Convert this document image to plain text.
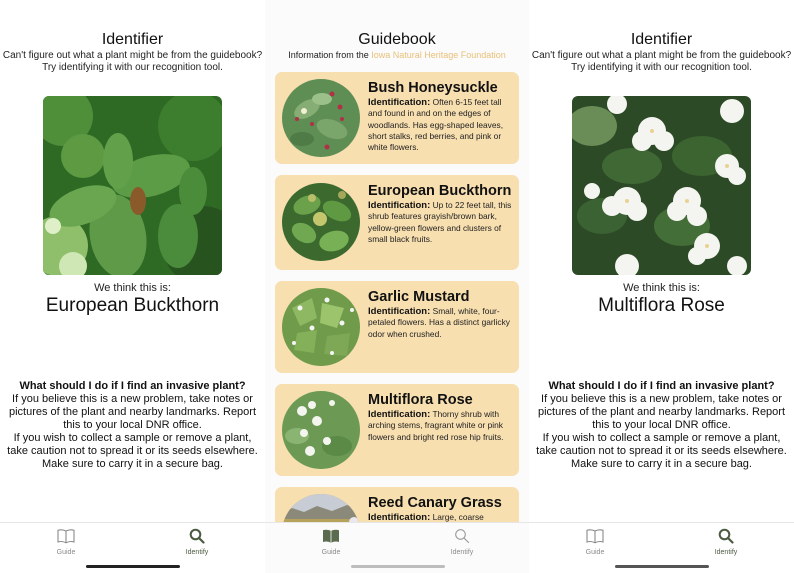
Identifier
Can't figure out what a plant might be from the guidebook? Try identifying it with our recognition tool.
We think this is:
European Buckthorn
What should I do if I find an invasive plant?
If you believe this is a new problem, take notes or pictures of the plant and nearby landmarks. Report this to your local DNR office.
If you wish to collect a sample or remove a plant, take caution not to spread it or its seeds elsewhere. Make sure to carry it in a secure bag.
Guide	Identify
Guidebook
Information from the Iowa Natural Heritage Foundation
Bush Honeysuckle
Identification: Often 6-15 feet tall and found in and on the edges of woodlands. Has egg-shaped leaves, short stalks, red berries, and pink or white flowers.
European Buckthorn
Identification: Up to 22 feet tall, this shrub features grayish/brown bark, yellow-green flowers and clusters of small black fruits.
Garlic Mustard
Identification: Small, white, four-petaled flowers. Has a distinct garlicky odor when crushed.
Multiflora Rose
Identification: Thorny shrub with arching stems, fragrant white or pink flowers and bright red rose hip fruits.
Reed Canary Grass
Identification: Large, coarse
Guide	Identify
Identifier
Can't figure out what a plant might be from the guidebook? Try identifying it with our recognition tool.
We think this is:
Multiflora Rose
What should I do if I find an invasive plant?
If you believe this is a new problem, take notes or pictures of the plant and nearby landmarks. Report this to your local DNR office.
If you wish to collect a sample or remove a plant, take caution not to spread it or its seeds elsewhere. Make sure to carry it in a secure bag.
Guide	Identify
